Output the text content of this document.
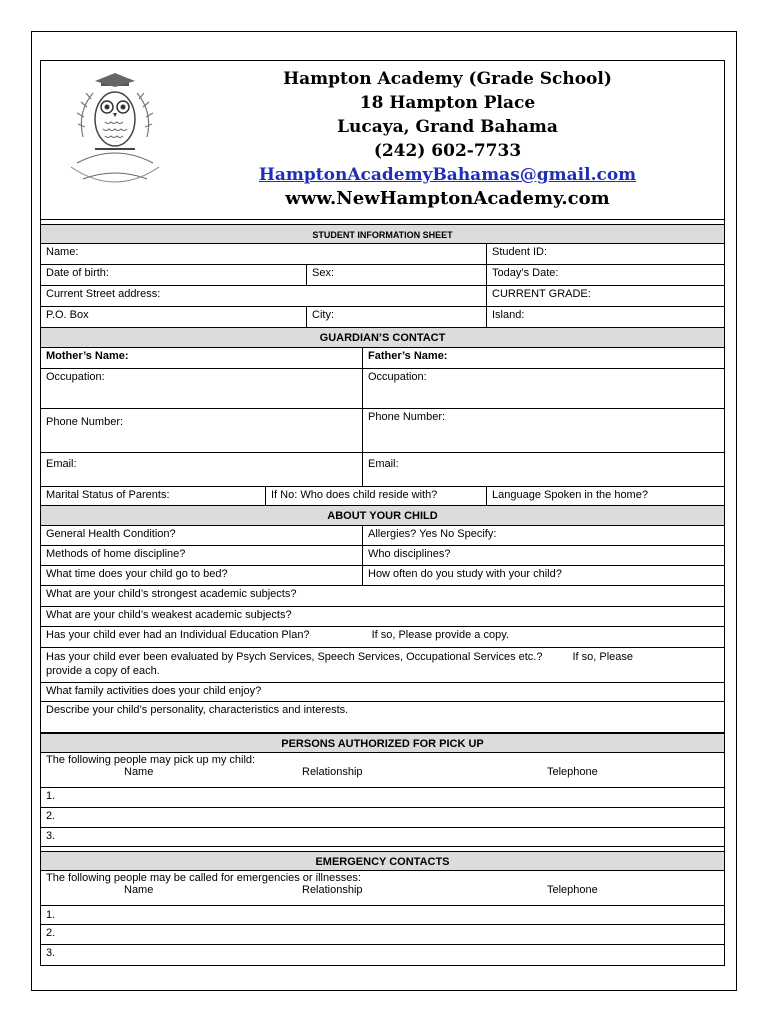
Hampton Academy (Grade School)
18 Hampton Place
Lucaya, Grand Bahama
(242) 602-7733
HamptonAcademyBahamas@gmail.com
www.NewHamptonAcademy.com
STUDENT INFORMATION SHEET
Name:	Student ID:
Date of birth:	Sex:	Today’s Date:
Current Street address:	CURRENT GRADE:
P.O. Box	City:	Island:
GUARDIAN’S CONTACT
Mother’s Name:	Father’s Name:
Occupation:	Occupation:
Phone Number:	Phone Number:
Email:	Email:
Marital Status of Parents:	If No: Who does child reside with?	Language Spoken in the home?
ABOUT YOUR CHILD
General Health Condition?	Allergies? Yes No Specify:
Methods of home discipline?	Who disciplines?
What time does your child go to bed?	How often do you study with your child?
What are your child’s strongest academic subjects?
What are your child’s weakest academic subjects?
Has your child ever had an Individual Education Plan?	If so, Please provide a copy.
Has your child ever been evaluated by Psych Services, Speech Services, Occupational Services etc.?	If so, Please
provide a copy of each.
What family activities does your child enjoy?
Describe your child’s personality, characteristics and interests.
PERSONS AUTHORIZED FOR PICK UP
The following people may pick up my child:
Name	Relationship	Telephone
1.
2.
3.
EMERGENCY CONTACTS
The following people may be called for emergencies or illnesses:
Name	Relationship	Telephone
1.
2.
3.
